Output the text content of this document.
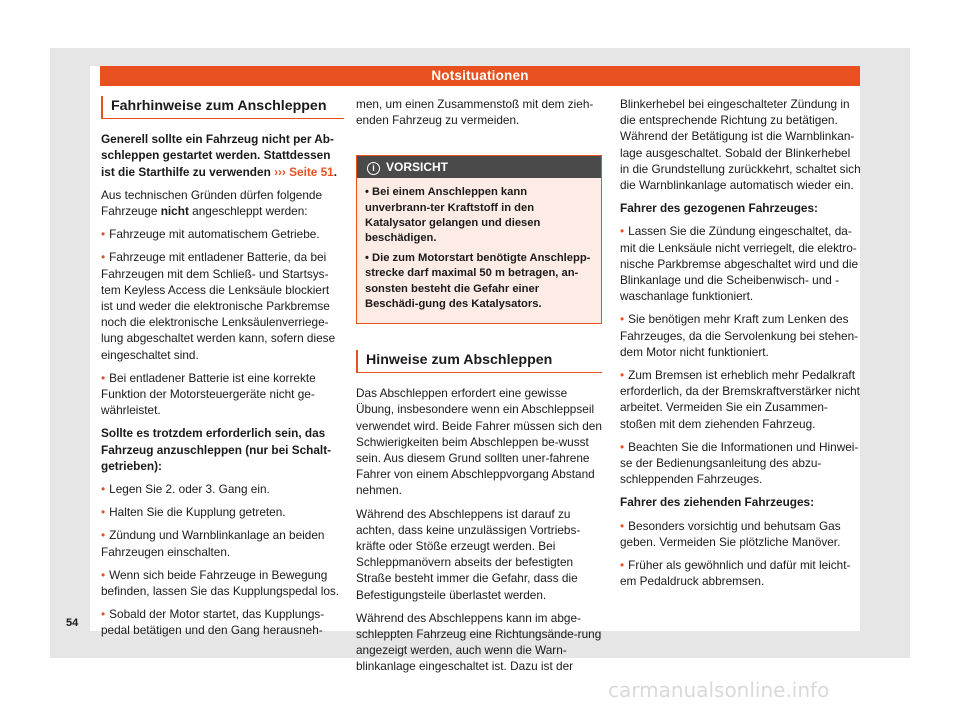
Notsituationen
Fahrhinweise zum Anschleppen

Generell sollte ein Fahrzeug nicht per Ab-schleppen gestartet werden. Stattdessen ist die Starthilfe zu verwenden ››› Seite 51.

Aus technischen Gründen dürfen folgende Fahrzeuge nicht angeschleppt werden:

• Fahrzeuge mit automatischem Getriebe.

• Fahrzeuge mit entladener Batterie, da bei Fahrzeugen mit dem Schließ- und Startsys-tem Keyless Access die Lenksäule blockiert ist und weder die elektronische Parkbremse noch die elektronische Lenksäulenverriege-lung abgeschaltet werden kann, sofern diese eingeschaltet sind.

• Bei entladener Batterie ist eine korrekte Funktion der Motorsteuergeräte nicht ge-währleistet.

Sollte es trotzdem erforderlich sein, das Fahrzeug anzuschleppen (nur bei Schalt-getrieben):

• Legen Sie 2. oder 3. Gang ein.

• Halten Sie die Kupplung getreten.

• Zündung und Warnblinkanlage an beiden Fahrzeugen einschalten.

• Wenn sich beide Fahrzeuge in Bewegung befinden, lassen Sie das Kupplungspedal los.

• Sobald der Motor startet, das Kupplungs-pedal betätigen und den Gang herausneh-

men, um einen Zusammenstoß mit dem zieh-enden Fahrzeug zu vermeiden.

i VORSICHT

• Bei einem Anschleppen kann unverbrann-ter Kraftstoff in den Katalysator gelangen und diesen beschädigen.

• Die zum Motorstart benötigte Anschlepp-strecke darf maximal 50 m betragen, an-sonsten besteht die Gefahr einer Beschädi-gung des Katalysators.

Hinweise zum Abschleppen

Das Abschleppen erfordert eine gewisse Übung, insbesondere wenn ein Abschleppseil verwendet wird. Beide Fahrer müssen sich den Schwierigkeiten beim Abschleppen be-wusst sein. Aus diesem Grund sollten uner-fahrene Fahrer von einem Abschleppvorgang Abstand nehmen.

Während des Abschleppens ist darauf zu achten, dass keine unzulässigen Vortriebs-kräfte oder Stöße erzeugt werden. Bei Schleppmanövern abseits der befestigten Straße besteht immer die Gefahr, dass die Befestigungsteile überlastet werden.

Während des Abschleppens kann im abge-schleppten Fahrzeug eine Richtungsände-rung angezeigt werden, auch wenn die Warn-blinkanlage eingeschaltet ist. Dazu ist der

Blinkerhebel bei eingeschalteter Zündung in die entsprechende Richtung zu betätigen. Während der Betätigung ist die Warnblinkan-lage ausgeschaltet. Sobald der Blinkerhebel in die Grundstellung zurückkehrt, schaltet sich die Warnblinkanlage automatisch wieder ein.

Fahrer des gezogenen Fahrzeuges:

• Lassen Sie die Zündung eingeschaltet, da-mit die Lenksäule nicht verriegelt, die elektro-nische Parkbremse abgeschaltet wird und die Blinkanlage und die Scheibenwisch- und -waschanlage funktioniert.

• Sie benötigen mehr Kraft zum Lenken des Fahrzeuges, da die Servolenkung bei stehen-dem Motor nicht funktioniert.

• Zum Bremsen ist erheblich mehr Pedalkraft erforderlich, da der Bremskraftverstärker nicht arbeitet. Vermeiden Sie ein Zusammen-stoßen mit dem ziehenden Fahrzeug.

• Beachten Sie die Informationen und Hinwei-se der Bedienungsanleitung des abzu-schleppenden Fahrzeuges.

Fahrer des ziehenden Fahrzeuges:

• Besonders vorsichtig und behutsam Gas geben. Vermeiden Sie plötzliche Manöver.

• Früher als gewöhnlich und dafür mit leicht-em Pedaldruck abbremsen.

54
carmanualsonline.info
